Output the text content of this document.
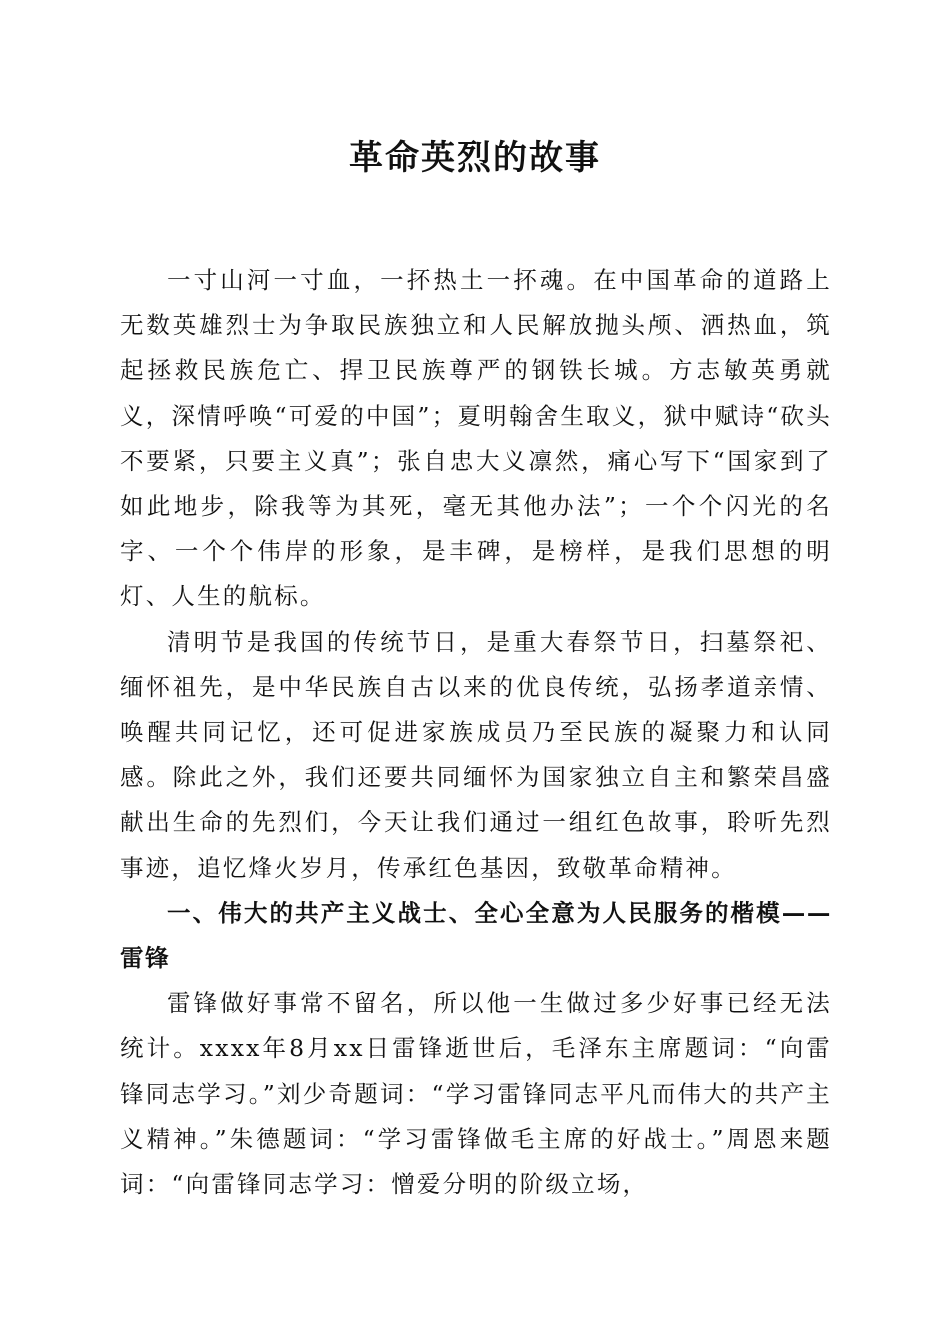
革命英烈的故事

一寸山河一寸血，一抔热土一抔魂。在中国革命的道路上无数英雄烈士为争取民族独立和人民解放抛头颅、洒热血，筑起拯救民族危亡、捍卫民族尊严的钢铁长城。方志敏英勇就义，深情呼唤“可爱的中国”；夏明翰舍生取义，狱中赋诗“砍头不要紧，只要主义真”；张自忠大义凛然，痛心写下“国家到了如此地步，除我等为其死，毫无其他办法”；一个个闪光的名字、一个个伟岸的形象，是丰碑，是榜样，是我们思想的明灯、人生的航标。

清明节是我国的传统节日，是重大春祭节日，扫墓祭祀、缅怀祖先，是中华民族自古以来的优良传统，弘扬孝道亲情、唤醒共同记忆，还可促进家族成员乃至民族的凝聚力和认同感。除此之外，我们还要共同缅怀为国家独立自主和繁荣昌盛献出生命的先烈们，今天让我们通过一组红色故事，聆听先烈事迹，追忆烽火岁月，传承红色基因，致敬革命精神。

一、伟大的共产主义战士、全心全意为人民服务的楷模——雷锋

雷锋做好事常不留名，所以他一生做过多少好事已经无法统计。xxxx年8月xx日雷锋逝世后，毛泽东主席题词：“向雷锋同志学习。”刘少奇题词：“学习雷锋同志平凡而伟大的共产主义精神。”朱德题词：“学习雷锋做毛主席的好战士。”周恩来题词：“向雷锋同志学习：憎爱分明的阶级立场，
